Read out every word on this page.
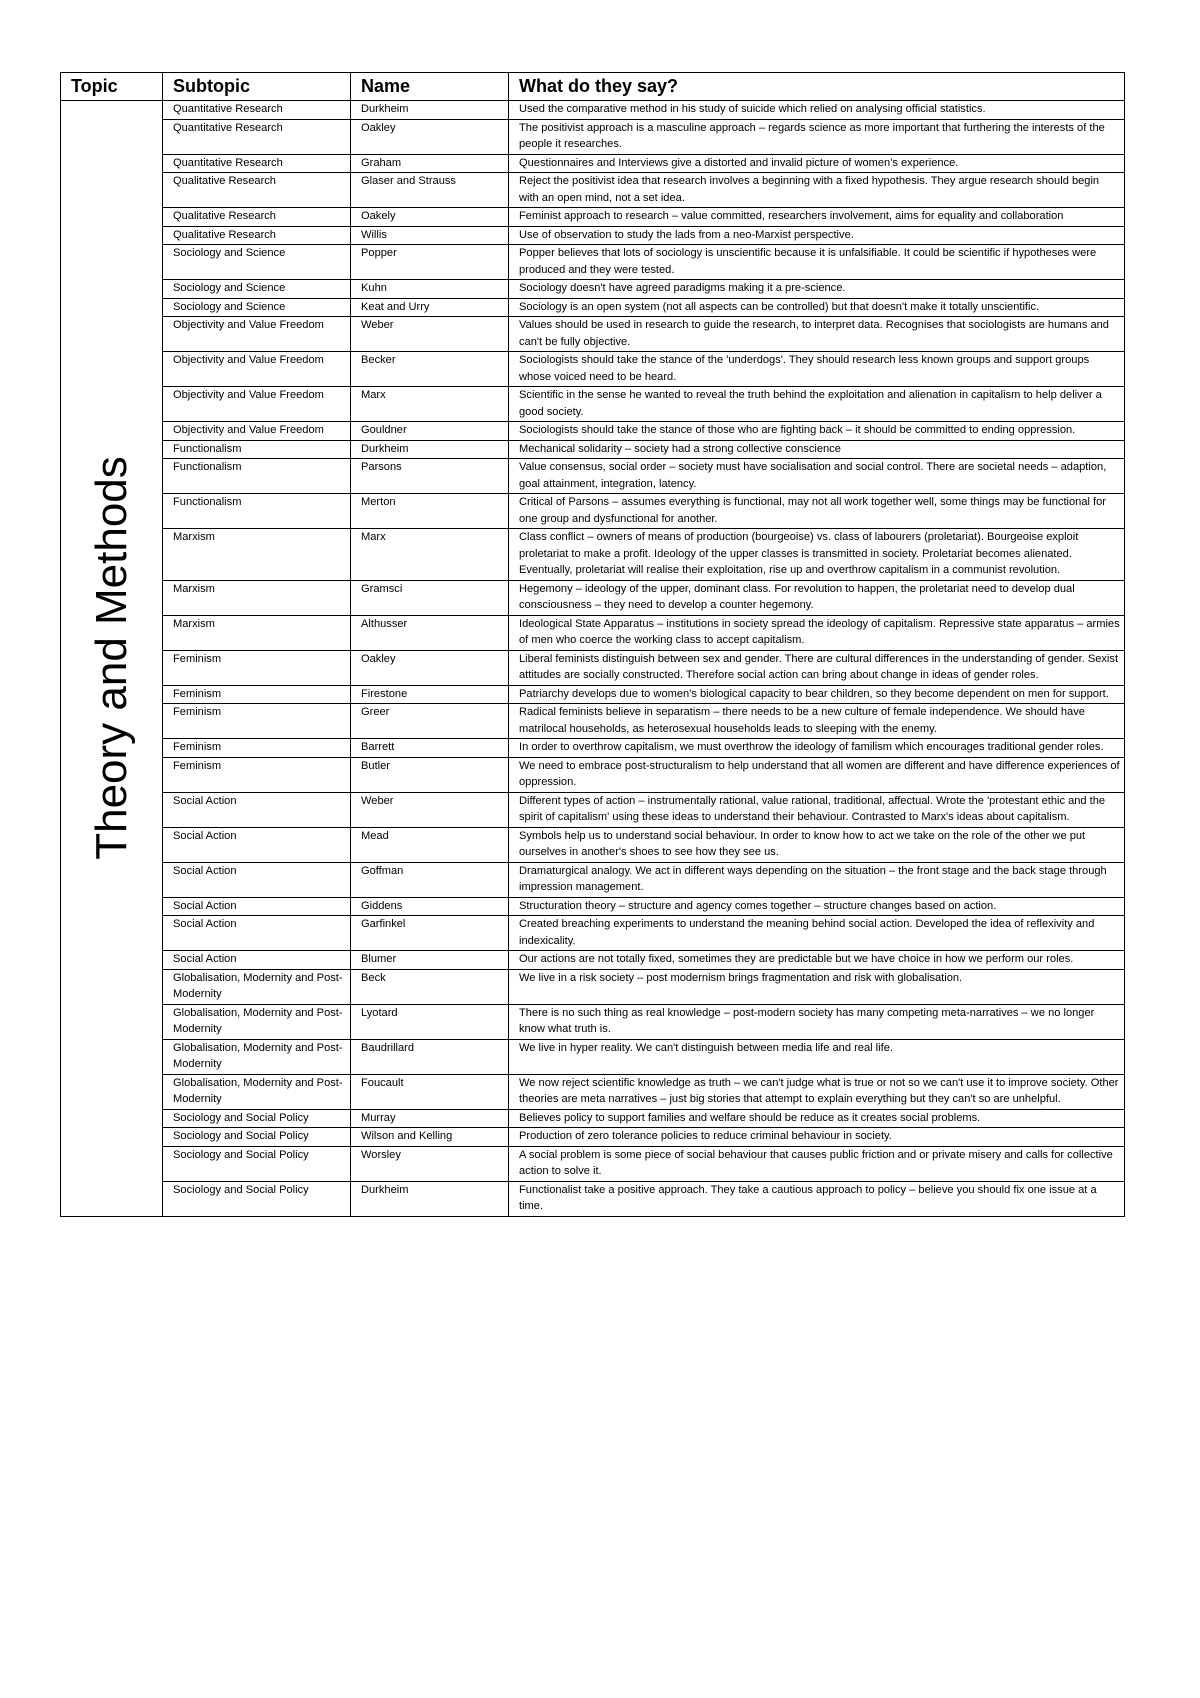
Topic	Subtopic	Name	What do they say?

Theory and Methods	Quantitative Research	Durkheim	Used the comparative method in his study of suicide which relied on analysing official statistics.
	Quantitative Research	Oakley	The positivist approach is a masculine approach – regards science as more important that furthering the interests of the people it researches.
	Quantitative Research	Graham	Questionnaires and Interviews give a distorted and invalid picture of women's experience.
	Qualitative Research	Glaser and Strauss	Reject the positivist idea that research involves a beginning with a fixed hypothesis. They argue research should begin with an open mind, not a set idea.
	Qualitative Research	Oakely	Feminist approach to research – value committed, researchers involvement, aims for equality and collaboration
	Qualitative Research	Willis	Use of observation to study the lads from a neo-Marxist perspective.
	Sociology and Science	Popper	Popper believes that lots of sociology is unscientific because it is unfalsifiable. It could be scientific if hypotheses were produced and they were tested.
	Sociology and Science	Kuhn	Sociology doesn't have agreed paradigms making it a pre-science.
	Sociology and Science	Keat and Urry	Sociology is an open system (not all aspects can be controlled) but that doesn't make it totally unscientific.
	Objectivity and Value Freedom	Weber	Values should be used in research to guide the research, to interpret data. Recognises that sociologists are humans and can't be fully objective.
	Objectivity and Value Freedom	Becker	Sociologists should take the stance of the 'underdogs'. They should research less known groups and support groups whose voiced need to be heard.
	Objectivity and Value Freedom	Marx	Scientific in the sense he wanted to reveal the truth behind the exploitation and alienation in capitalism to help deliver a good society.
	Objectivity and Value Freedom	Gouldner	Sociologists should take the stance of those who are fighting back – it should be committed to ending oppression.
	Functionalism	Durkheim	Mechanical solidarity – society had a strong collective conscience
	Functionalism	Parsons	Value consensus, social order – society must have socialisation and social control. There are societal needs – adaption, goal attainment, integration, latency.
	Functionalism	Merton	Critical of Parsons – assumes everything is functional, may not all work together well, some things may be functional for one group and dysfunctional for another.
	Marxism	Marx	Class conflict – owners of means of production (bourgeoise) vs. class of labourers (proletariat). Bourgeoise exploit proletariat to make a profit. Ideology of the upper classes is transmitted in society. Proletariat becomes alienated. Eventually, proletariat will realise their exploitation, rise up and overthrow capitalism in a communist revolution.
	Marxism	Gramsci	Hegemony – ideology of the upper, dominant class. For revolution to happen, the proletariat need to develop dual consciousness – they need to develop a counter hegemony.
	Marxism	Althusser	Ideological State Apparatus – institutions in society spread the ideology of capitalism. Repressive state apparatus – armies of men who coerce the working class to accept capitalism.
	Feminism	Oakley	Liberal feminists distinguish between sex and gender. There are cultural differences in the understanding of gender. Sexist attitudes are socially constructed. Therefore social action can bring about change in ideas of gender roles.
	Feminism	Firestone	Patriarchy develops due to women's biological capacity to bear children, so they become dependent on men for support.
	Feminism	Greer	Radical feminists believe in separatism – there needs to be a new culture of female independence. We should have matrilocal households, as heterosexual households leads to sleeping with the enemy.
	Feminism	Barrett	In order to overthrow capitalism, we must overthrow the ideology of familism which encourages traditional gender roles.
	Feminism	Butler	We need to embrace post-structuralism to help understand that all women are different and have difference experiences of oppression.
	Social Action	Weber	Different types of action – instrumentally rational, value rational, traditional, affectual. Wrote the 'protestant ethic and the spirit of capitalism' using these ideas to understand their behaviour. Contrasted to Marx's ideas about capitalism.
	Social Action	Mead	Symbols help us to understand social behaviour. In order to know how to act we take on the role of the other we put ourselves in another's shoes to see how they see us.
	Social Action	Goffman	Dramaturgical analogy. We act in different ways depending on the situation – the front stage and the back stage through impression management.
	Social Action	Giddens	Structuration theory – structure and agency comes together – structure changes based on action.
	Social Action	Garfinkel	Created breaching experiments to understand the meaning behind social action. Developed the idea of reflexivity and indexicality.
	Social Action	Blumer	Our actions are not totally fixed, sometimes they are predictable but we have choice in how we perform our roles.
	Globalisation, Modernity and Post-Modernity	Beck	We live in a risk society – post modernism brings fragmentation and risk with globalisation.
	Globalisation, Modernity and Post-Modernity	Lyotard	There is no such thing as real knowledge – post-modern society has many competing meta-narratives – we no longer know what truth is.
	Globalisation, Modernity and Post-Modernity	Baudrillard	We live in hyper reality. We can't distinguish between media life and real life.
	Globalisation, Modernity and Post-Modernity	Foucault	We now reject scientific knowledge as truth – we can't judge what is true or not so we can't use it to improve society. Other theories are meta narratives – just big stories that attempt to explain everything but they can't so are unhelpful.
	Sociology and Social Policy	Murray	Believes policy to support families and welfare should be reduce as it creates social problems.
	Sociology and Social Policy	Wilson and Kelling	Production of zero tolerance policies to reduce criminal behaviour in society.
	Sociology and Social Policy	Worsley	A social problem is some piece of social behaviour that causes public friction and or private misery and calls for collective action to solve it.
	Sociology and Social Policy	Durkheim	Functionalist take a positive approach. They take a cautious approach to policy – believe you should fix one issue at a time.
